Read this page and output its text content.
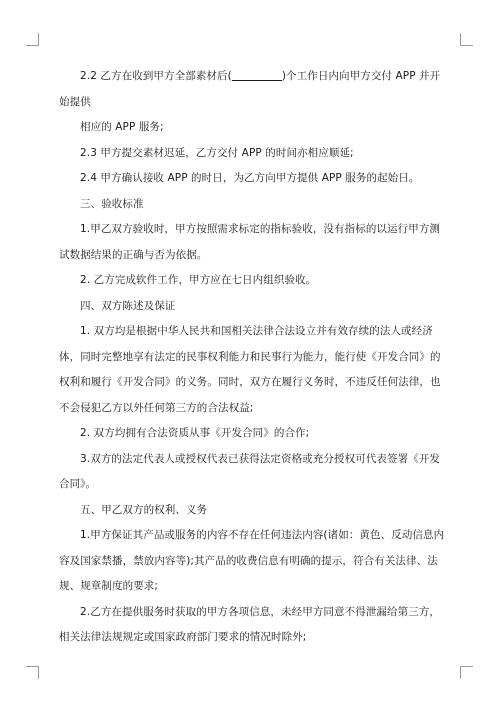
2.2 乙方在收到甲方全部素材后(	)个工作日内向甲方交付 APP 并开始提供

相应的 APP 服务;

2.3 甲方提交素材迟延，乙方交付 APP 的时间亦相应顺延;

2.4 甲方确认接收 APP 的时日，为乙方向甲方提供 APP 服务的起始日。

三、验收标准

1.甲乙双方验收时，甲方按照需求标定的指标验收，没有指标的以运行甲方测试数据结果的正确与否为依据。

2. 乙方完成软件工作，甲方应在七日内组织验收。

四、双方陈述及保证

1. 双方均是根据中华人民共和国相关法律合法设立并有效存续的法人或经济体，同时完整地享有法定的民事权利能力和民事行为能力，能行使《开发合同》的权利和履行《开发合同》的义务。同时，双方在履行义务时，不违反任何法律，也不会侵犯乙方以外任何第三方的合法权益;

2. 双方均拥有合法资质从事《开发合同》的合作;

3.双方的法定代表人或授权代表已获得法定资格或充分授权可代表签署《开发合同》。

五、甲乙双方的权利、义务

1.甲方保证其产品或服务的内容不存在任何违法内容(诸如：黄色、反动信息内容及国家禁播，禁放内容等);其产品的收费信息有明确的提示，符合有关法律、法规、规章制度的要求;

2.乙方在提供服务时获取的甲方各项信息，未经甲方同意不得泄漏给第三方，相关法律法规规定或国家政府部门要求的情况时除外;
